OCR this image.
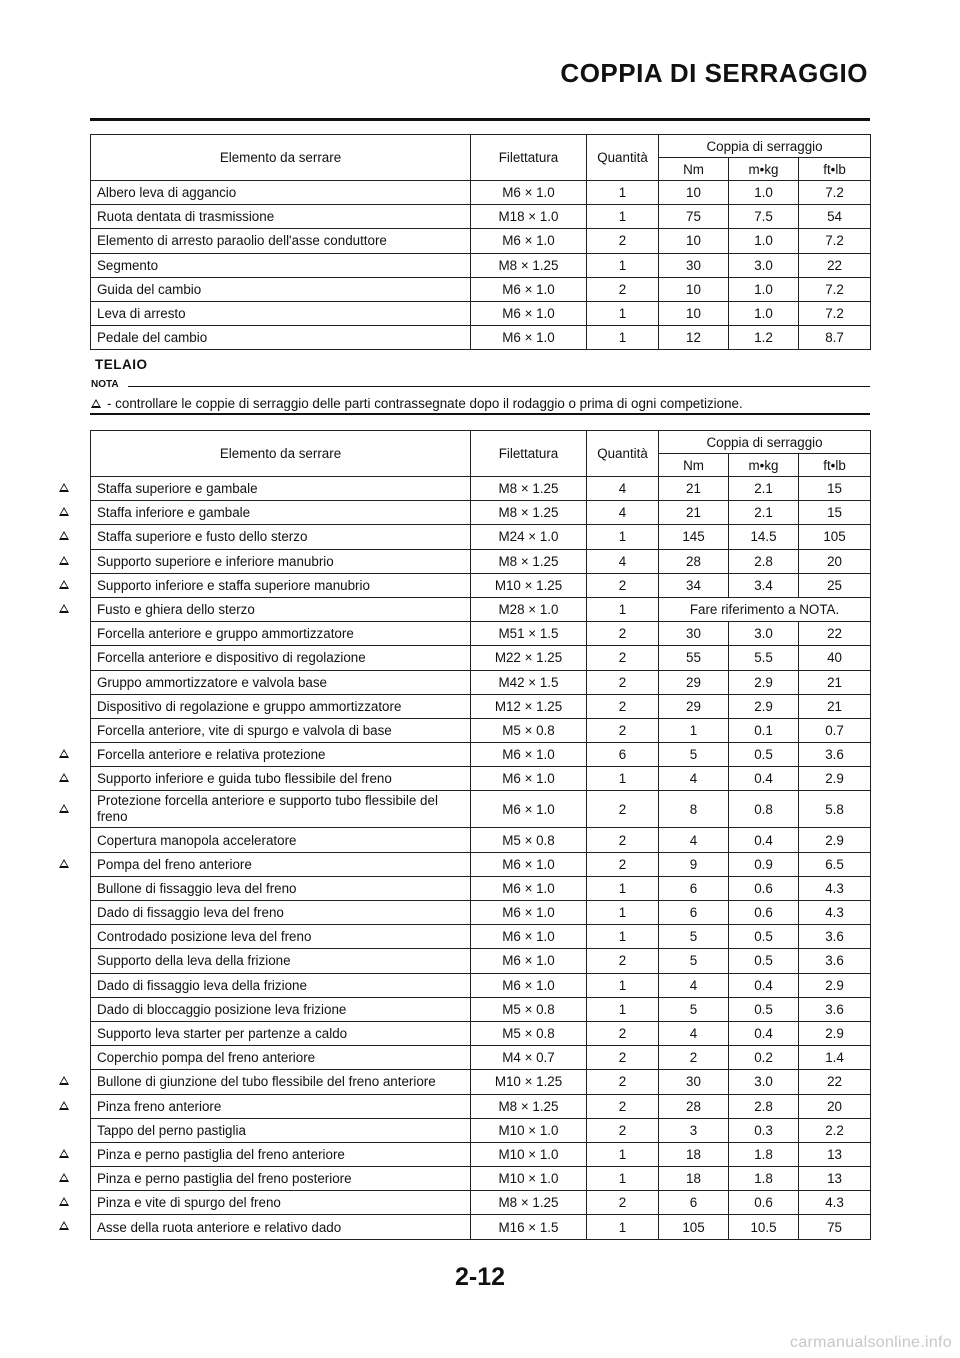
COPPIA DI SERRAGGIO
Elemento da serrare	Filettatura	Quantità	Coppia di serraggio		
			Nm	m•kg	ft•lb
Albero leva di aggancio	M6 × 1.0	1	10	1.0	7.2
Ruota dentata di trasmissione	M18 × 1.0	1	75	7.5	54
Elemento di arresto paraolio dell'asse conduttore	M6 × 1.0	2	10	1.0	7.2
Segmento	M8 × 1.25	1	30	3.0	22
Guida del cambio	M6 × 1.0	2	10	1.0	7.2
Leva di arresto	M6 × 1.0	1	10	1.0	7.2
Pedale del cambio	M6 × 1.0	1	12	1.2	8.7
TELAIO
NOTA
- controllare le coppie di serraggio delle parti contrassegnate dopo il rodaggio o prima di ogni competizione.
Elemento da serrare	Filettatura	Quantità	Coppia di serraggio		
			Nm	m•kg	ft•lb
Staffa superiore e gambale	M8 × 1.25	4	21	2.1	15
Staffa inferiore e gambale	M8 × 1.25	4	21	2.1	15
Staffa superiore e fusto dello sterzo	M24 × 1.0	1	145	14.5	105
Supporto superiore e inferiore manubrio	M8 × 1.25	4	28	2.8	20
Supporto inferiore e staffa superiore manubrio	M10 × 1.25	2	34	3.4	25
Fusto e ghiera dello sterzo	M28 × 1.0	1	Fare riferimento a NOTA.		
Forcella anteriore e gruppo ammortizzatore	M51 × 1.5	2	30	3.0	22
Forcella anteriore e dispositivo di regolazione	M22 × 1.25	2	55	5.5	40
Gruppo ammortizzatore e valvola base	M42 × 1.5	2	29	2.9	21
Dispositivo di regolazione e gruppo ammortizzatore	M12 × 1.25	2	29	2.9	21
Forcella anteriore, vite di spurgo e valvola di base	M5 × 0.8	2	1	0.1	0.7
Forcella anteriore e relativa protezione	M6 × 1.0	6	5	0.5	3.6
Supporto inferiore e guida tubo flessibile del freno	M6 × 1.0	1	4	0.4	2.9
Protezione forcella anteriore e supporto tubo flessibile del freno	M6 × 1.0	2	8	0.8	5.8
Copertura manopola acceleratore	M5 × 0.8	2	4	0.4	2.9
Pompa del freno anteriore	M6 × 1.0	2	9	0.9	6.5
Bullone di fissaggio leva del freno	M6 × 1.0	1	6	0.6	4.3
Dado di fissaggio leva del freno	M6 × 1.0	1	6	0.6	4.3
Controdado posizione leva del freno	M6 × 1.0	1	5	0.5	3.6
Supporto della leva della frizione	M6 × 1.0	2	5	0.5	3.6
Dado di fissaggio leva della frizione	M6 × 1.0	1	4	0.4	2.9
Dado di bloccaggio posizione leva frizione	M5 × 0.8	1	5	0.5	3.6
Supporto leva starter per partenze a caldo	M5 × 0.8	2	4	0.4	2.9
Coperchio pompa del freno anteriore	M4 × 0.7	2	2	0.2	1.4
Bullone di giunzione del tubo flessibile del freno anteriore	M10 × 1.25	2	30	3.0	22
Pinza freno anteriore	M8 × 1.25	2	28	2.8	20
Tappo del perno pastiglia	M10 × 1.0	2	3	0.3	2.2
Pinza e perno pastiglia del freno anteriore	M10 × 1.0	1	18	1.8	13
Pinza e perno pastiglia del freno posteriore	M10 × 1.0	1	18	1.8	13
Pinza e vite di spurgo del freno	M8 × 1.25	2	6	0.6	4.3
Asse della ruota anteriore e relativo dado	M16 × 1.5	1	105	10.5	75
2-12
carmanualsonline.info
